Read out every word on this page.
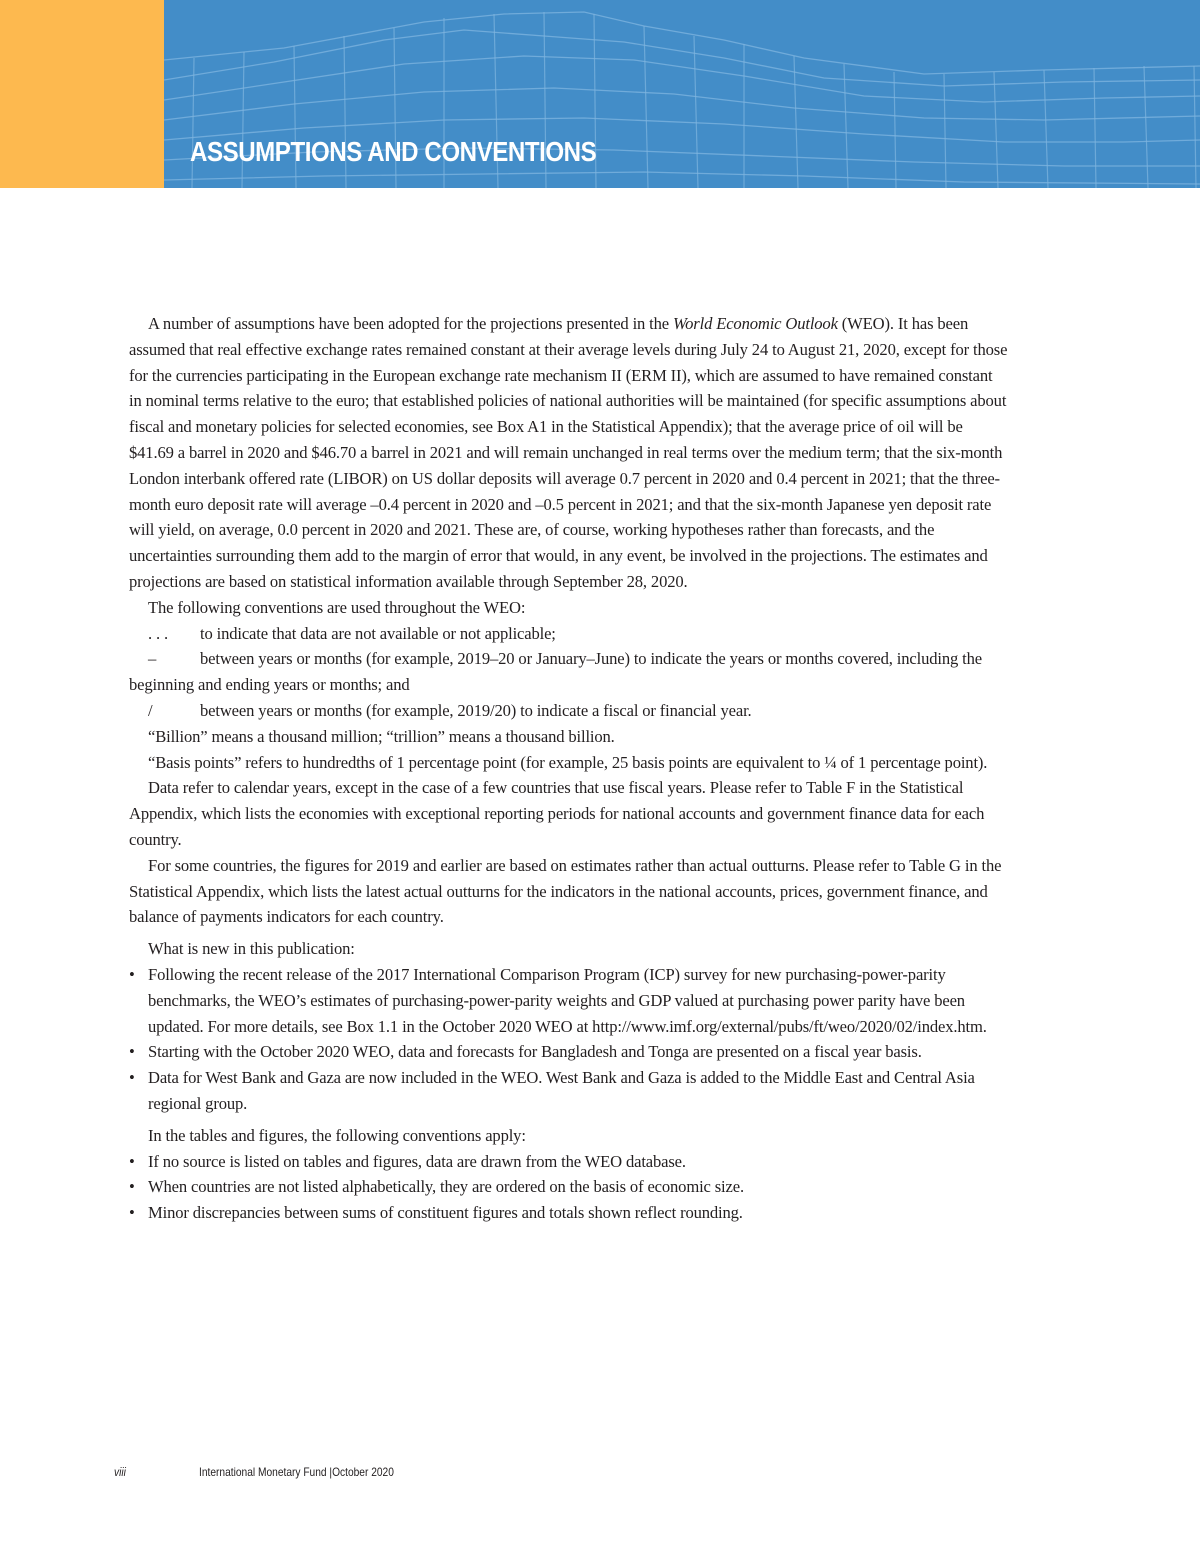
ASSUMPTIONS AND CONVENTIONS

A number of assumptions have been adopted for the projections presented in the World Economic Outlook (WEO). It has been assumed that real effective exchange rates remained constant at their average levels during July 24 to August 21, 2020, except for those for the currencies participating in the European exchange rate mechanism II (ERM II), which are assumed to have remained constant in nominal terms relative to the euro; that established policies of national authorities will be maintained (for specific assumptions about fiscal and monetary policies for selected economies, see Box A1 in the Statistical Appendix); that the average price of oil will be $41.69 a barrel in 2020 and $46.70 a barrel in 2021 and will remain unchanged in real terms over the medium term; that the six-month London interbank offered rate (LIBOR) on US dollar deposits will average 0.7 percent in 2020 and 0.4 percent in 2021; that the three-month euro deposit rate will average –0.4 percent in 2020 and –0.5 percent in 2021; and that the six-month Japanese yen deposit rate will yield, on average, 0.0 percent in 2020 and 2021. These are, of course, working hypotheses rather than forecasts, and the uncertainties surrounding them add to the margin of error that would, in any event, be involved in the projections. The estimates and projections are based on statistical information available through September 28, 2020.

The following conventions are used throughout the WEO:

. . . to indicate that data are not available or not applicable;

–	between years or months (for example, 2019–20 or January–June) to indicate the years or months covered, including the beginning and ending years or months; and

/	between years or months (for example, 2019/20) to indicate a fiscal or financial year.

“Billion” means a thousand million; “trillion” means a thousand billion.

“Basis points” refers to hundredths of 1 percentage point (for example, 25 basis points are equivalent to ¼ of 1 percentage point).

Data refer to calendar years, except in the case of a few countries that use fiscal years. Please refer to Table F in the Statistical Appendix, which lists the economies with exceptional reporting periods for national accounts and government finance data for each country.

For some countries, the figures for 2019 and earlier are based on estimates rather than actual outturns. Please refer to Table G in the Statistical Appendix, which lists the latest actual outturns for the indicators in the national accounts, prices, government finance, and balance of payments indicators for each country.

What is new in this publication:

• Following the recent release of the 2017 International Comparison Program (ICP) survey for new purchasing-power-parity benchmarks, the WEO’s estimates of purchasing-power-parity weights and GDP valued at purchasing power parity have been updated. For more details, see Box 1.1 in the October 2020 WEO at http://www.imf.org/external/pubs/ft/weo/2020/02/index.htm.
• Starting with the October 2020 WEO, data and forecasts for Bangladesh and Tonga are presented on a fiscal year basis.
• Data for West Bank and Gaza are now included in the WEO. West Bank and Gaza is added to the Middle East and Central Asia regional group.

In the tables and figures, the following conventions apply:

• If no source is listed on tables and figures, data are drawn from the WEO database.
• When countries are not listed alphabetically, they are ordered on the basis of economic size.
• Minor discrepancies between sums of constituent figures and totals shown reflect rounding.
viii	International Monetary Fund |October 2020
